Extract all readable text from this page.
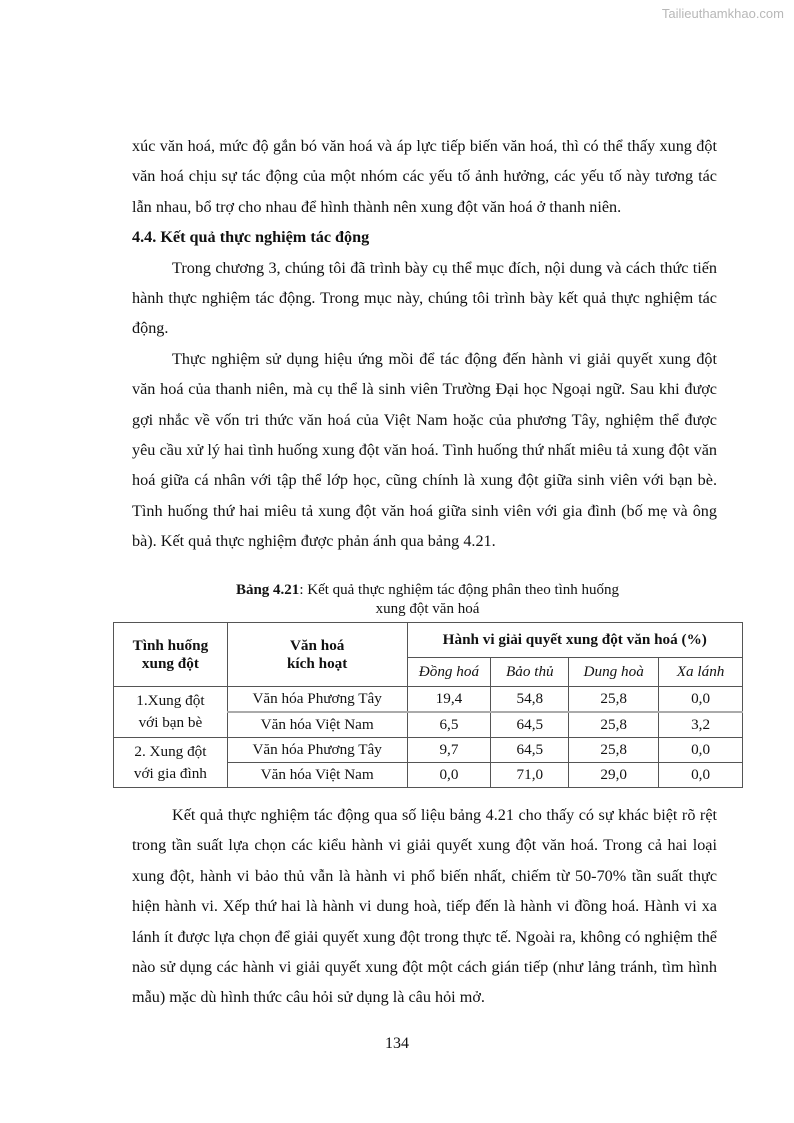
Tailieuthamkhao.com

xúc văn hoá, mức độ gắn bó văn hoá và áp lực tiếp biến văn hoá, thì có thể thấy xung đột văn hoá chịu sự tác động của một nhóm các yếu tố ảnh hưởng, các yếu tố này tương tác lẫn nhau, bổ trợ cho nhau để hình thành nên xung đột văn hoá ở thanh niên.

4.4. Kết quả thực nghiệm tác động

Trong chương 3, chúng tôi đã trình bày cụ thể mục đích, nội dung và cách thức tiến hành thực nghiệm tác động. Trong mục này, chúng tôi trình bày kết quả thực nghiệm tác động.

Thực nghiệm sử dụng hiệu ứng mồi để tác động đến hành vi giải quyết xung đột văn hoá của thanh niên, mà cụ thể là sinh viên Trường Đại học Ngoại ngữ. Sau khi được gợi nhắc về vốn tri thức văn hoá của Việt Nam hoặc của phương Tây, nghiệm thể được yêu cầu xử lý hai tình huống xung đột văn hoá. Tình huống thứ nhất miêu tả xung đột văn hoá giữa cá nhân với tập thể lớp học, cũng chính là xung đột giữa sinh viên với bạn bè. Tình huống thứ hai miêu tả xung đột văn hoá giữa sinh viên với gia đình (bố mẹ và ông bà). Kết quả thực nghiệm được phản ánh qua bảng 4.21.

Bảng 4.21: Kết quả thực nghiệm tác động phân theo tình huống
xung đột văn hoá
Tình huống
xung đột

Văn hoá
kích hoạt
	Hành vi giải quyết xung đột văn hoá (%)
		Đồng hoá	Bảo thủ	Dung hoà	Xa lánh

1.Xung đột
với bạn bè	Văn hóa Phương Tây	19,4	54,8	25,8	0,0
	Văn hóa Việt Nam	6,5	64,5	25,8	3,2

2. Xung đột
với gia đình	Văn hóa Phương Tây	9,7	64,5	25,8	0,0
	Văn hóa Việt Nam	0,0	71,0	29,0	0,0

Kết quả thực nghiệm tác động qua số liệu bảng 4.21 cho thấy có sự khác biệt rõ rệt trong tần suất lựa chọn các kiểu hành vi giải quyết xung đột văn hoá. Trong cả hai loại xung đột, hành vi bảo thủ vẫn là hành vi phổ biến nhất, chiếm từ 50-70% tần suất thực hiện hành vi. Xếp thứ hai là hành vi dung hoà, tiếp đến là hành vi đồng hoá. Hành vi xa lánh ít được lựa chọn để giải quyết xung đột trong thực tế. Ngoài ra, không có nghiệm thể nào sử dụng các hành vi giải quyết xung đột một cách gián tiếp (như lảng tránh, tìm hình mẫu) mặc dù hình thức câu hỏi sử dụng là câu hỏi mở.

134
